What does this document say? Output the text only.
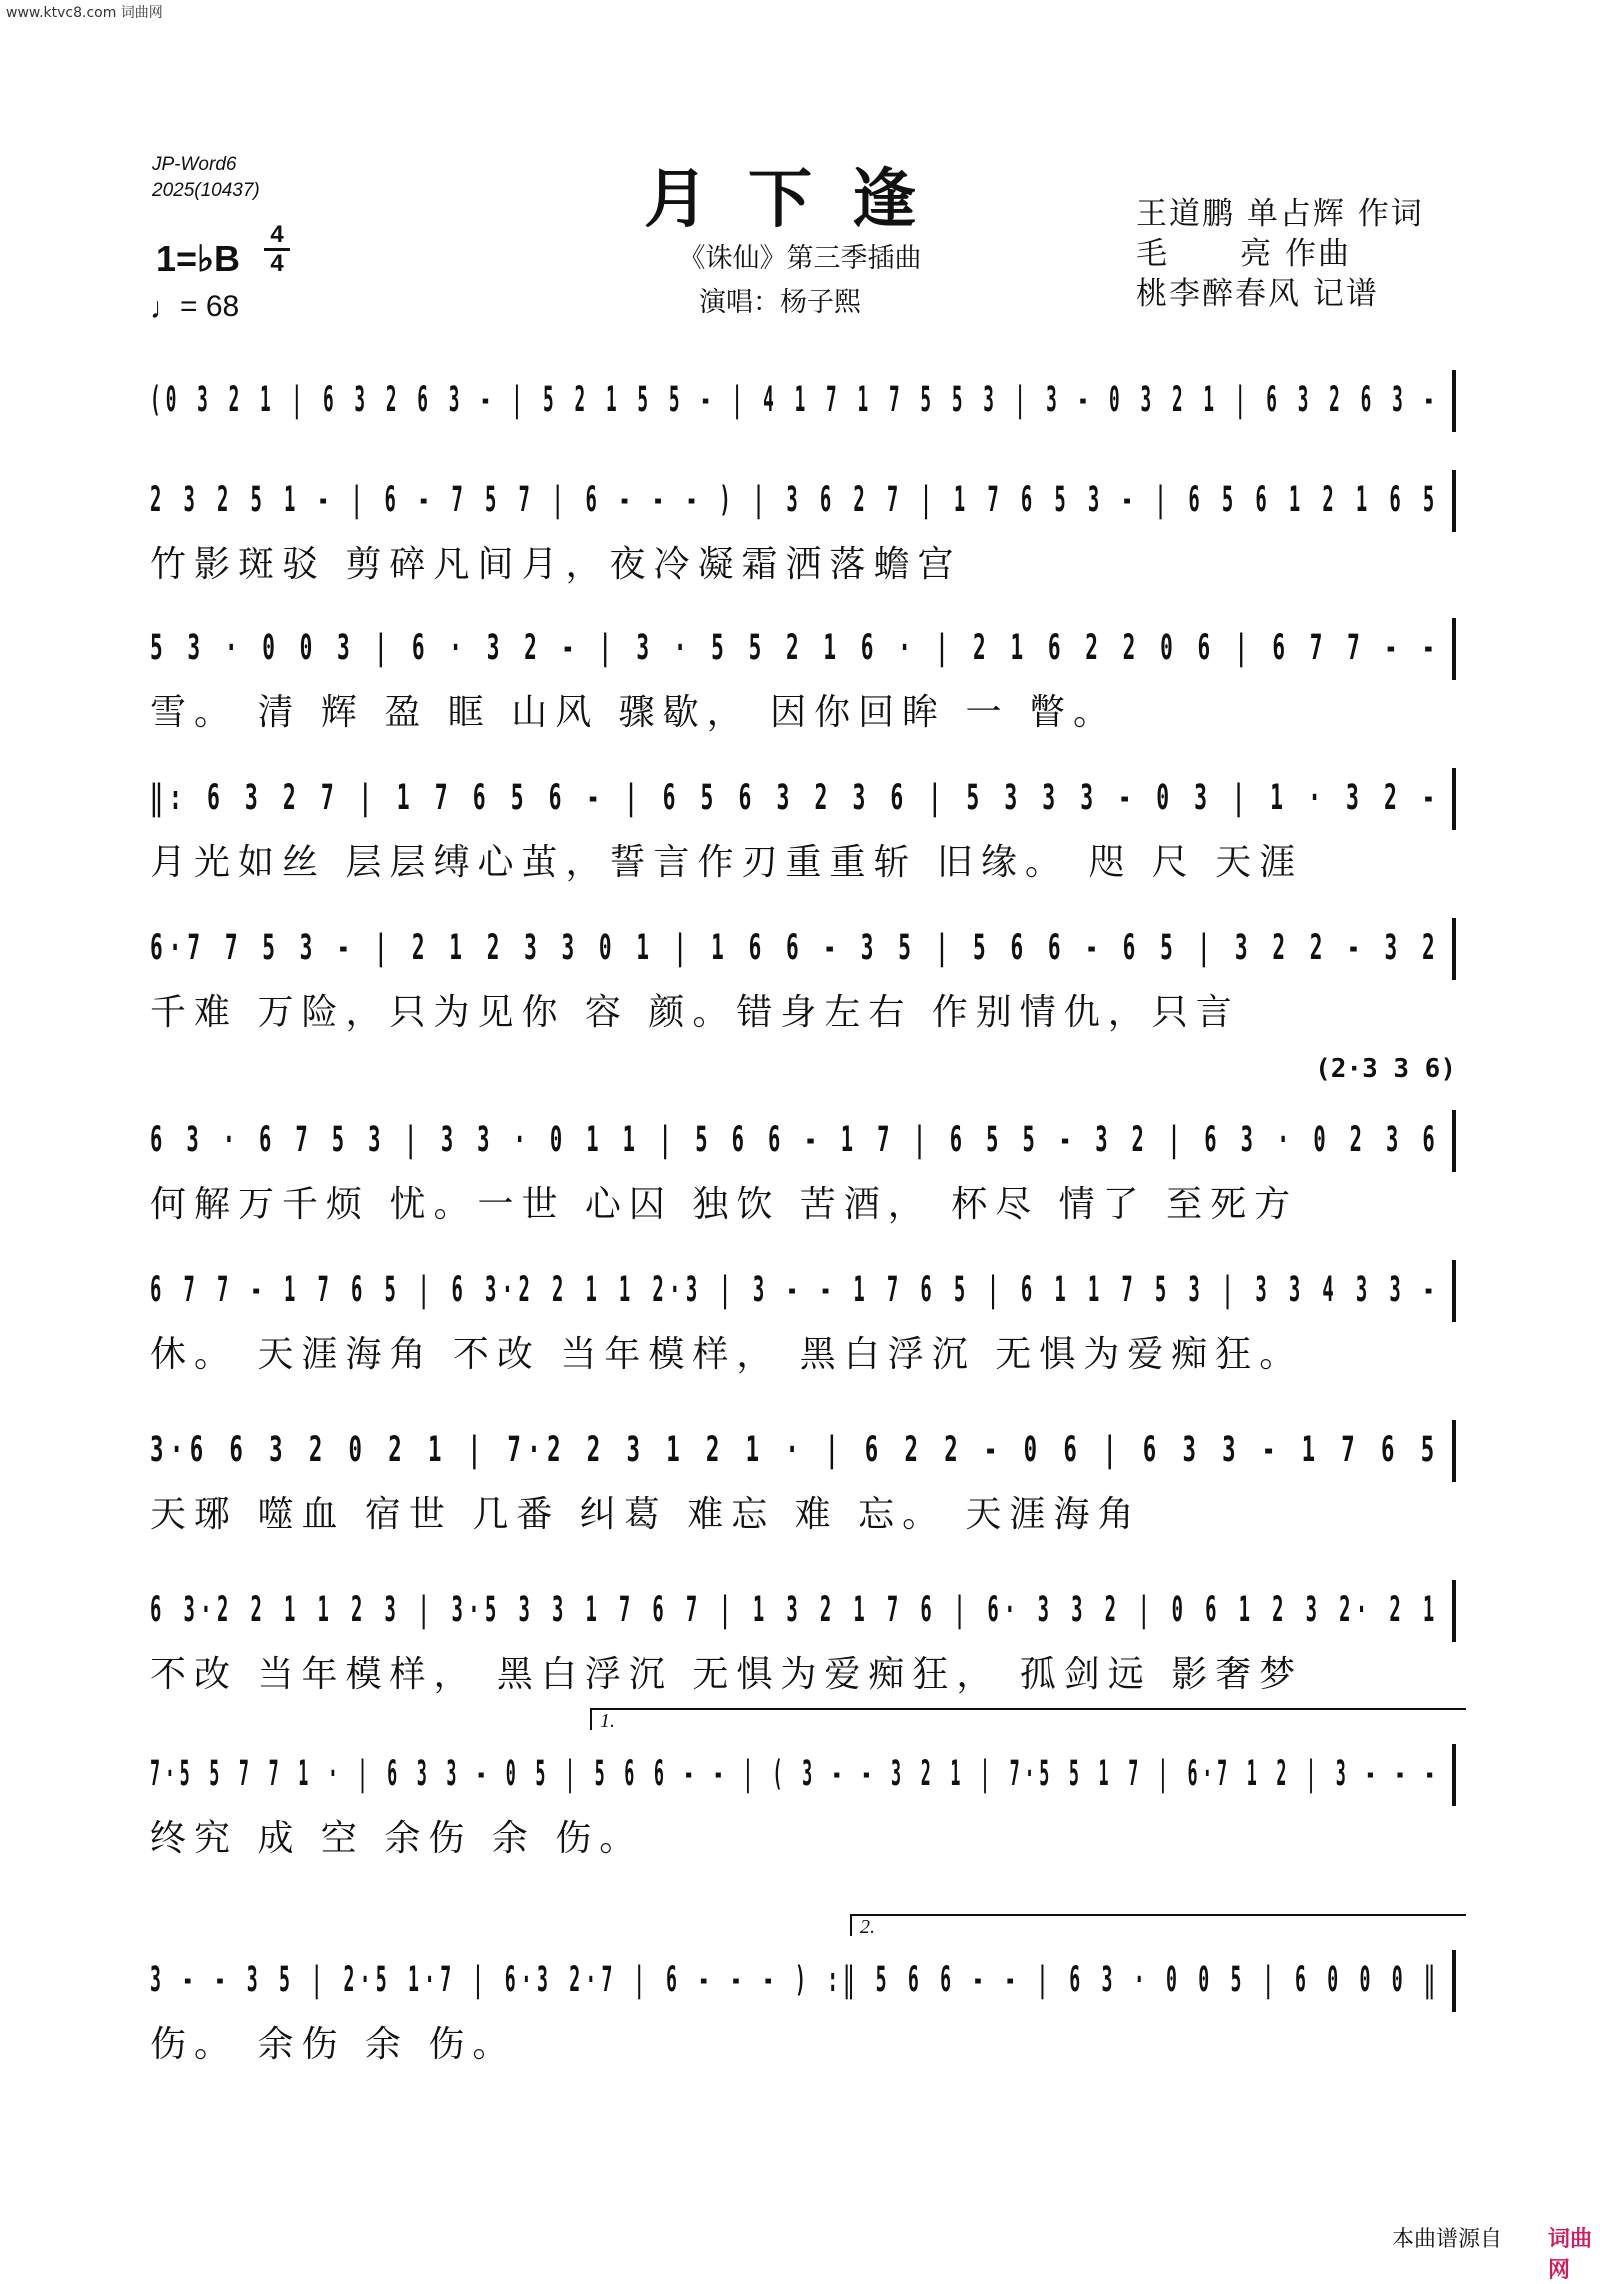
www.ktvc8.com 词曲网
JP-Word6
2025(10437)	月下逢
《诛仙》第三季插曲
演唱：杨子熙
王道鹏 单占辉 作词
毛      亮 作曲
桃李醉春风 记谱
1=♭B
4
4
♩= 68
(0 3 2 1 | 6 3 2 6 3 - | 5 2 1 5 5 - | 4 1 7 1 7 5 5 3 | 3 - 0 3 2 1 | 6 3 2 6 3 -
2 3 2 5 1 - | 6 - 7 5 7 | 6 - - - ) | 3 6 2 7 | 1 7 6 5 3 - | 6 5 6 1 2 1 6 5
竹影斑驳 剪碎凡间月，夜冷凝霜洒落蟾宫
5 3 · 0 0 3 | 6 · 3 2 - | 3 · 5 5 2 1 6 · | 2 1 6 2 2 0 6 | 6 7 7 - -
雪。 清 辉 盈 眶 山风 骤歇， 因你回眸 一 瞥。
‖: 6 3 2 7 | 1 7 6 5 6 - | 6 5 6 3 2 3 6 | 5 3 3 3 - 0 3 | 1 · 3 2 -
月光如丝 层层缚心茧，誓言作刃重重斩 旧缘。 咫 尺 天涯
6·7 7 5 3 - | 2 1 2 3 3 0 1 | 1 6 6 - 3 5 | 5 6 6 - 6 5 | 3 2 2 - 3 2
千难 万险，只为见你 容 颜。错身左右 作别情仇，只言
(2·3 3 6)
6 3 · 6 7 5 3 | 3 3 · 0 1 1 | 5 6 6 - 1 7 | 6 5 5 - 3 2 | 6 3 · 0 2 3 6
何解万千烦 忧。一世 心囚 独饮 苦酒， 杯尽 情了 至死方
6 7 7 - 1 7 6 5 | 6 3·2 2 1 1 2·3 | 3 - - 1 7 6 5 | 6 1 1 7 5 3 | 3 3 4 3 3 -
休。 天涯海角 不改 当年模样， 黑白浮沉 无惧为爱痴狂。
3·6 6 3 2 0 2 1 | 7·2 2 3 1 2 1 · | 6 2 2 - 0 6 | 6 3 3 - 1 7 6 5
天琊 噬血 宿世 几番 纠葛 难忘 难 忘。 天涯海角
6 3·2 2 1 1 2 3 | 3·5 3 3 1 7 6 7 | 1 3 2 1 7 6 | 6· 3 3 2 | 0 6 1 2 3 2· 2 1
不改 当年模样， 黑白浮沉 无惧为爱痴狂， 孤剑远 影奢梦
1.
7·5 5 7 7 1 · | 6 3 3 - 0 5 | 5 6 6 - - | ( 3 - - 3 2 1 | 7·5 5 1 7 | 6·7 1 2 | 3 - - -
终究 成 空 余伤 余 伤。
2.
3 - - 3 5 | 2·5 1·7 | 6·3 2·7 | 6 - - - ) :‖ 5 6 6 - - | 6 3 · 0 0 5 | 6 0 0 0 ‖
伤。 余伤 余 伤。
本曲谱源自 词曲网
